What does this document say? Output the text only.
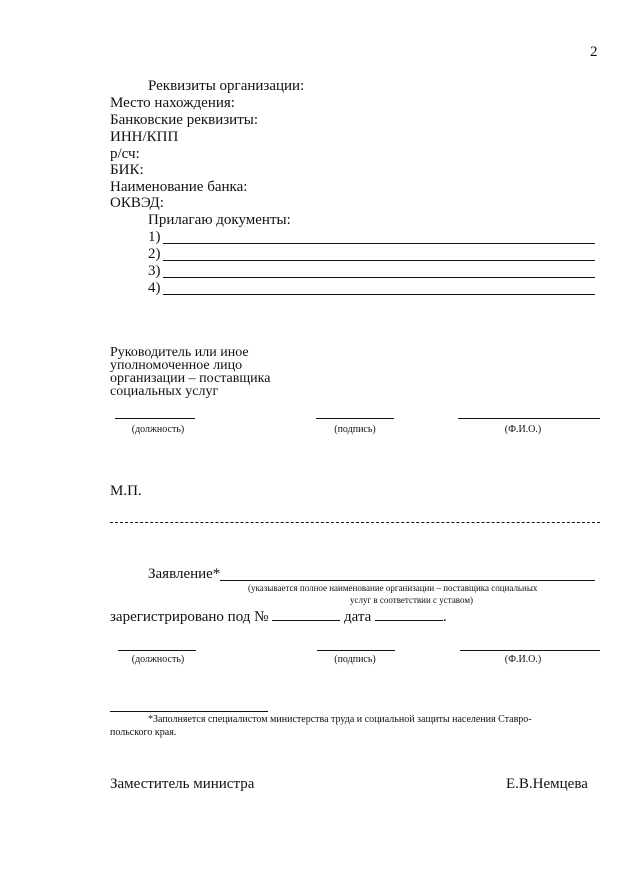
2
Реквизиты организации:
Место нахождения:
Банковские реквизиты:
ИНН/КПП
р/сч:
БИК:
Наименование банка:
ОКВЭД:
Прилагаю документы:
1)
2)
3)
4)
Руководитель или иное
уполномоченное лицо
организации – поставщика
социальных услуг
(должность)	(подпись)	(Ф.И.О.)
М.П.
Заявление*
(указывается полное наименование организации – поставщика социальных
услуг в соответствии с уставом)
зарегистрировано под №	дата	.
(должность)	(подпись)	(Ф.И.О.)
*Заполняется специалистом министерства труда и социальной защиты населения Ставро-
польского края.
Заместитель министра	Е.В.Немцева
